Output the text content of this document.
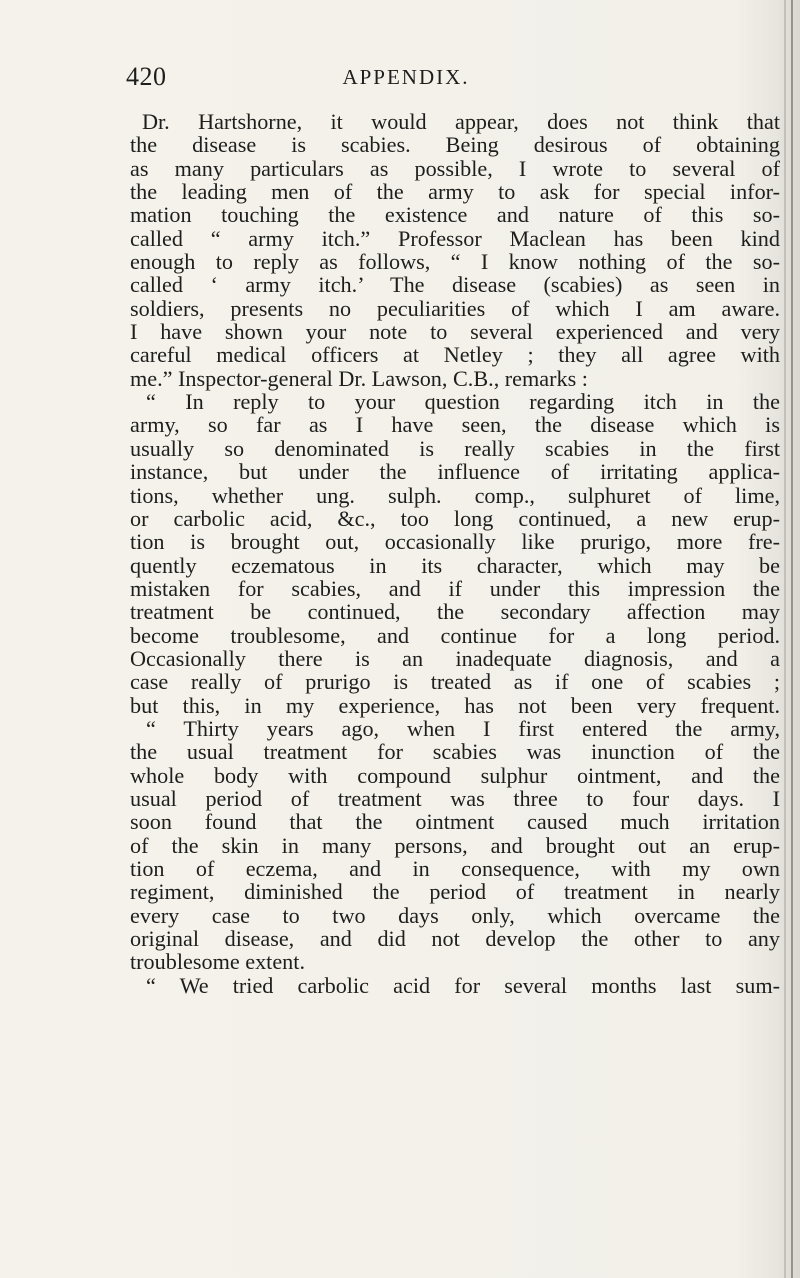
420	APPENDIX.
Dr. Hartshorne, it would appear, does not think that
the disease is scabies. Being desirous of obtaining
as many particulars as possible, I wrote to several of
the leading men of the army to ask for special infor-
mation touching the existence and nature of this so-
called “ army itch.” Professor Maclean has been kind
enough to reply as follows, “ I know nothing of the so-
called ‘ army itch.’ The disease (scabies) as seen in
soldiers, presents no peculiarities of which I am aware.
I have shown your note to several experienced and very
careful medical officers at Netley ; they all agree with
me.” Inspector-general Dr. Lawson, C.B., remarks :
“ In reply to your question regarding itch in the
army, so far as I have seen, the disease which is
usually so denominated is really scabies in the first
instance, but under the influence of irritating applica-
tions, whether ung. sulph. comp., sulphuret of lime,
or carbolic acid, &c., too long continued, a new erup-
tion is brought out, occasionally like prurigo, more fre-
quently eczematous in its character, which may be
mistaken for scabies, and if under this impression the
treatment be continued, the secondary affection may
become troublesome, and continue for a long period.
Occasionally there is an inadequate diagnosis, and a
case really of prurigo is treated as if one of scabies ;
but this, in my experience, has not been very frequent.
“ Thirty years ago, when I first entered the army,
the usual treatment for scabies was inunction of the
whole body with compound sulphur ointment, and the
usual period of treatment was three to four days. I
soon found that the ointment caused much irritation
of the skin in many persons, and brought out an erup-
tion of eczema, and in consequence, with my own
regiment, diminished the period of treatment in nearly
every case to two days only, which overcame the
original disease, and did not develop the other to any
troublesome extent.
“ We tried carbolic acid for several months last sum-
